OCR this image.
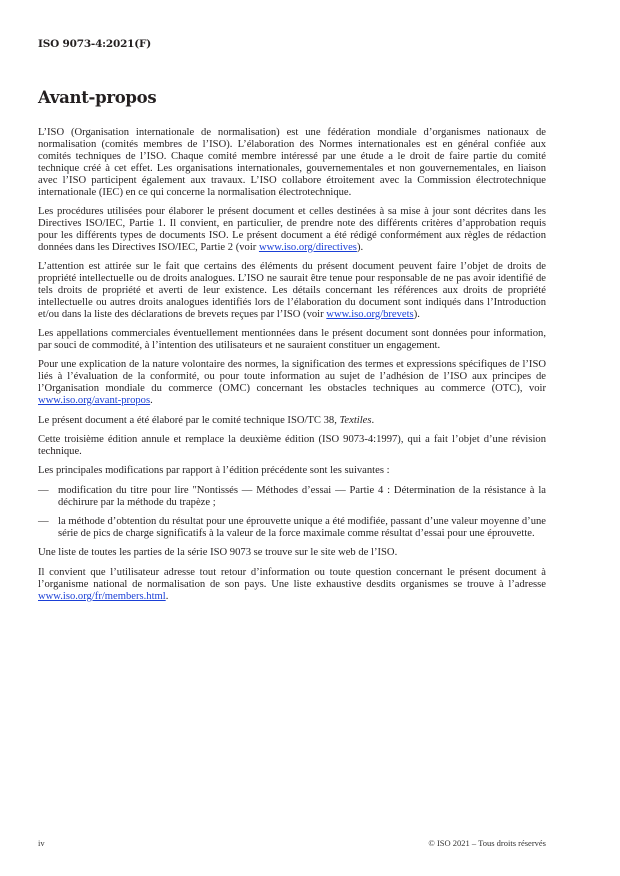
ISO 9073-4:2021(F)
Avant-propos

L’ISO (Organisation internationale de normalisation) est une fédération mondiale d’organismes nationaux de normalisation (comités membres de l’ISO). L’élaboration des Normes internationales est en général confiée aux comités techniques de l’ISO. Chaque comité membre intéressé par une étude a le droit de faire partie du comité technique créé à cet effet. Les organisations internationales, gouvernementales et non gouvernementales, en liaison avec l’ISO participent également aux travaux. L’ISO collabore étroitement avec la Commission électrotechnique internationale (IEC) en ce qui concerne la normalisation électrotechnique.

Les procédures utilisées pour élaborer le présent document et celles destinées à sa mise à jour sont décrites dans les Directives ISO/IEC, Partie 1. Il convient, en particulier, de prendre note des différents critères d’approbation requis pour les différents types de documents ISO. Le présent document a été rédigé conformément aux règles de rédaction données dans les Directives ISO/IEC, Partie 2 (voir www.iso.org/directives).

L’attention est attirée sur le fait que certains des éléments du présent document peuvent faire l’objet de droits de propriété intellectuelle ou de droits analogues. L’ISO ne saurait être tenue pour responsable de ne pas avoir identifié de tels droits de propriété et averti de leur existence. Les détails concernant les références aux droits de propriété intellectuelle ou autres droits analogues identifiés lors de l’élaboration du document sont indiqués dans l’Introduction et/ou dans la liste des déclarations de brevets reçues par l’ISO (voir www.iso.org/brevets).

Les appellations commerciales éventuellement mentionnées dans le présent document sont données pour information, par souci de commodité, à l’intention des utilisateurs et ne sauraient constituer un engagement.

Pour une explication de la nature volontaire des normes, la signification des termes et expressions spécifiques de l’ISO liés à l’évaluation de la conformité, ou pour toute information au sujet de l’adhésion de l’ISO aux principes de l’Organisation mondiale du commerce (OMC) concernant les obstacles techniques au commerce (OTC), voir www.iso.org/avant-propos.

Le présent document a été élaboré par le comité technique ISO/TC 38, Textiles.

Cette troisième édition annule et remplace la deuxième édition (ISO 9073-4:1997), qui a fait l’objet d’une révision technique.

Les principales modifications par rapport à l’édition précédente sont les suivantes :

— modification du titre pour lire "Nontissés — Méthodes d’essai — Partie 4 : Détermination de la résistance à la déchirure par la méthode du trapèze ;
— la méthode d’obtention du résultat pour une éprouvette unique a été modifiée, passant d’une valeur moyenne d’une série de pics de charge significatifs à la valeur de la force maximale comme résultat d’essai pour une éprouvette.

Une liste de toutes les parties de la série ISO 9073 se trouve sur le site web de l’ISO.

Il convient que l’utilisateur adresse tout retour d’information ou toute question concernant le présent document à l’organisme national de normalisation de son pays. Une liste exhaustive desdits organismes se trouve à l’adresse www.iso.org/fr/members.html.

iv	© ISO 2021 – Tous droits réservés
